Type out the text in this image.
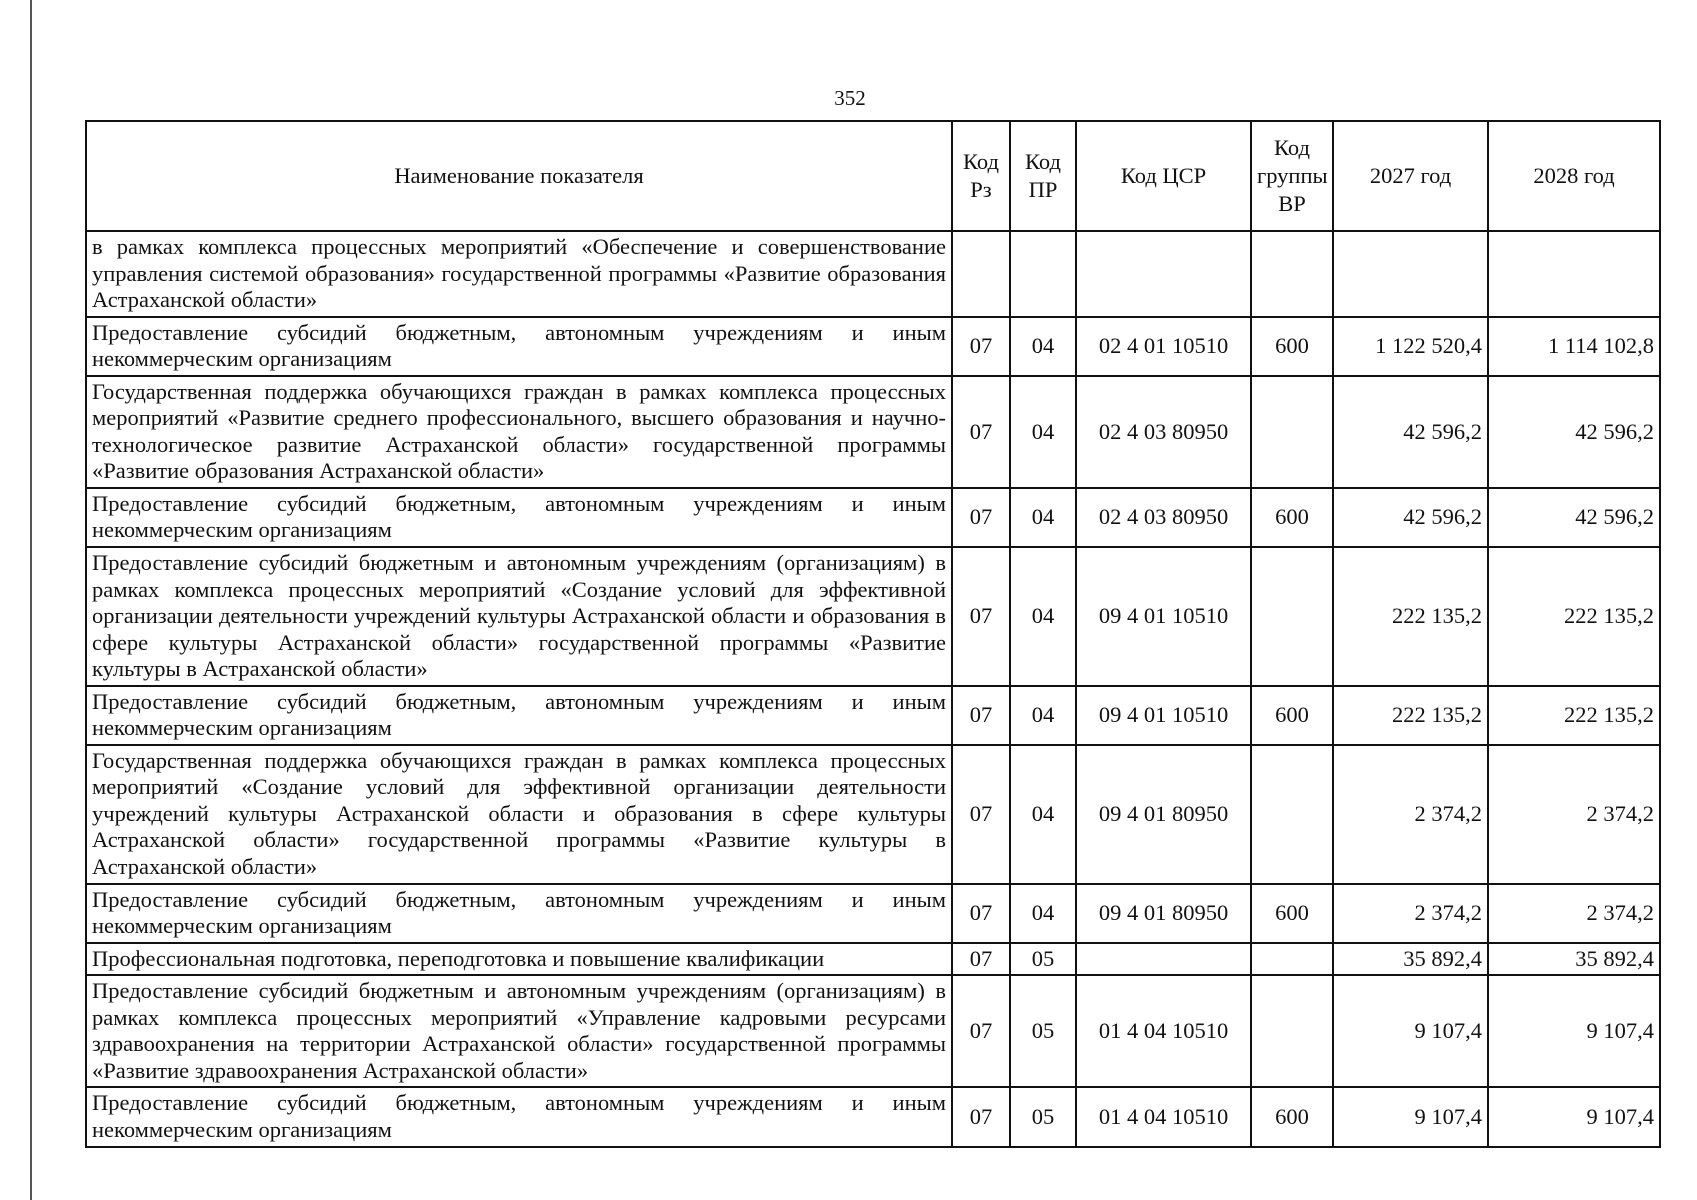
352
Наименование показателя	Код Рз	Код ПР	Код ЦСР	Код группы ВР	2027 год	2028 год
в рамках комплекса процессных мероприятий «Обеспечение и совершенствование управления системой образования» государственной программы «Развитие образования Астраханской области»						
Предоставление субсидий бюджетным, автономным учреждениям и иным некоммерческим организациям	07	04	02 4 01 10510	600	1 122 520,4	1 114 102,8
Государственная поддержка обучающихся граждан в рамках комплекса процессных мероприятий «Развитие среднего профессионального, высшего образования и научно-технологическое развитие Астраханской области» государственной программы «Развитие образования Астраханской области»	07	04	02 4 03 80950		42 596,2	42 596,2
Предоставление субсидий бюджетным, автономным учреждениям и иным некоммерческим организациям	07	04	02 4 03 80950	600	42 596,2	42 596,2
Предоставление субсидий бюджетным и автономным учреждениям (организациям) в рамках комплекса процессных мероприятий «Создание условий для эффективной организации деятельности учреждений культуры Астраханской области и образования в сфере культуры Астраханской области» государственной программы «Развитие культуры в Астраханской области»	07	04	09 4 01 10510		222 135,2	222 135,2
Предоставление субсидий бюджетным, автономным учреждениям и иным некоммерческим организациям	07	04	09 4 01 10510	600	222 135,2	222 135,2
Государственная поддержка обучающихся граждан в рамках комплекса процессных мероприятий «Создание условий для эффективной организации деятельности учреждений культуры Астраханской области и образования в сфере культуры Астраханской области» государственной программы «Развитие культуры в Астраханской области»	07	04	09 4 01 80950		2 374,2	2 374,2
Предоставление субсидий бюджетным, автономным учреждениям и иным некоммерческим организациям	07	04	09 4 01 80950	600	2 374,2	2 374,2
Профессиональная подготовка, переподготовка и повышение квалификации	07	05			35 892,4	35 892,4
Предоставление субсидий бюджетным и автономным учреждениям (организациям) в рамках комплекса процессных мероприятий «Управление кадровыми ресурсами здравоохранения на территории Астраханской области» государственной программы «Развитие здравоохранения Астраханской области»	07	05	01 4 04 10510		9 107,4	9 107,4
Предоставление субсидий бюджетным, автономным учреждениям и иным некоммерческим организациям	07	05	01 4 04 10510	600	9 107,4	9 107,4
